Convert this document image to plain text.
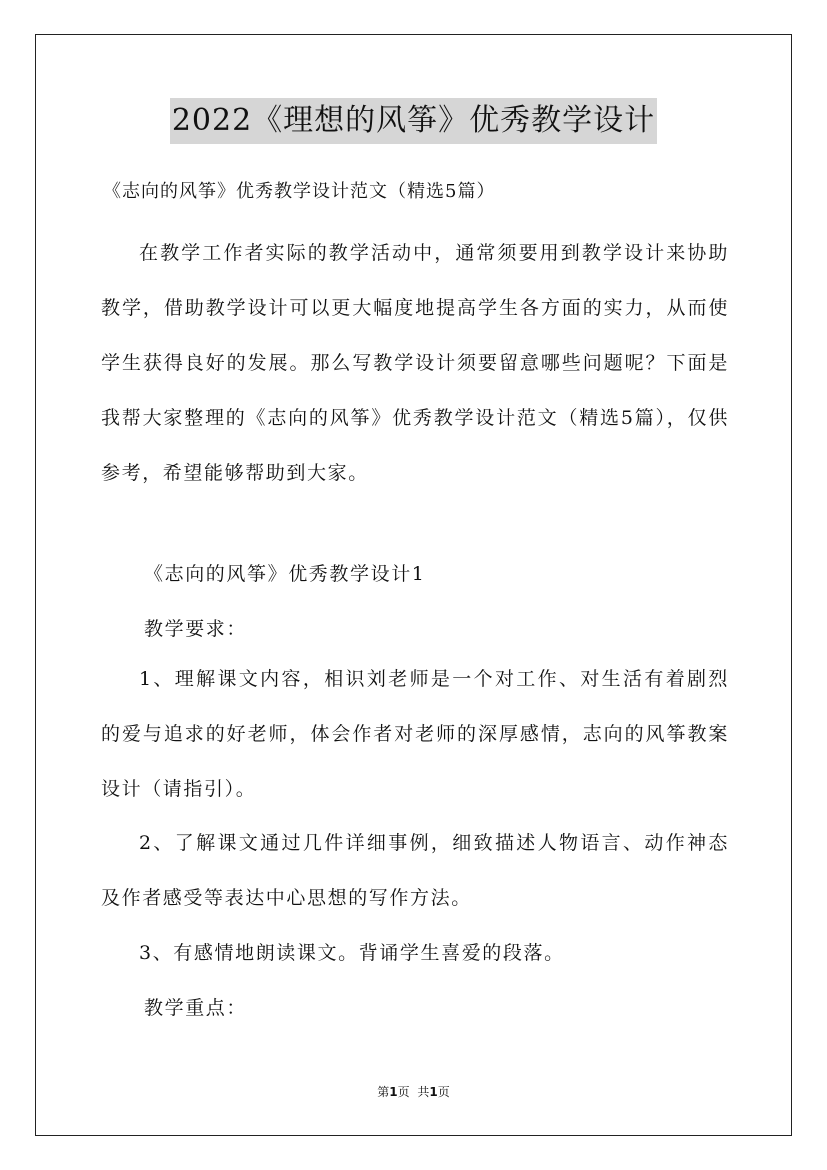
2022《理想的风筝》优秀教学设计
《志向的风筝》优秀教学设计范文（精选5篇）

在教学工作者实际的教学活动中，通常须要用到教学设计来协助教学，借助教学设计可以更大幅度地提高学生各方面的实力，从而使学生获得良好的发展。那么写教学设计须要留意哪些问题呢？下面是我帮大家整理的《志向的风筝》优秀教学设计范文（精选5篇），仅供参考，希望能够帮助到大家。

《志向的风筝》优秀教学设计1
教学要求：

1、理解课文内容，相识刘老师是一个对工作、对生活有着剧烈的爱与追求的好老师，体会作者对老师的深厚感情，志向的风筝教案设计（请指引）。

2、了解课文通过几件详细事例，细致描述人物语言、动作神态及作者感受等表达中心思想的写作方法。

3、有感情地朗读课文。背诵学生喜爱的段落。

教学重点：
第1页 共1页
